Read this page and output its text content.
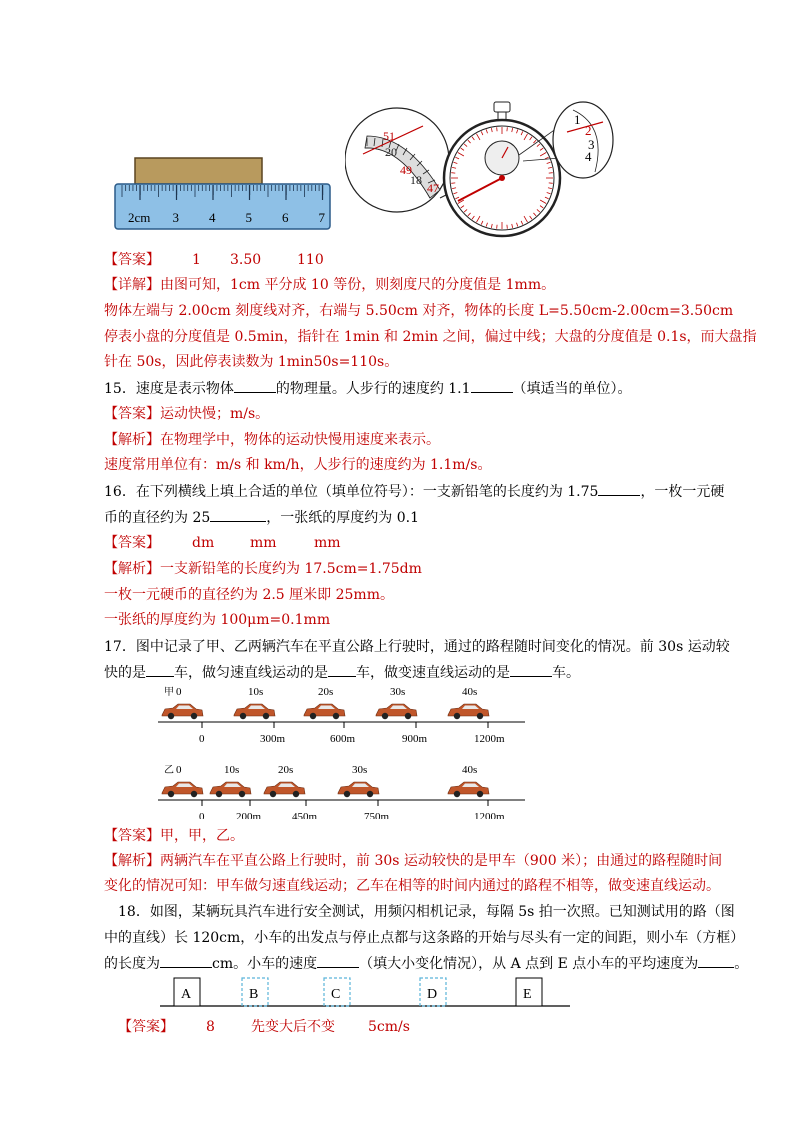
2cm 3 4 5 6 7
51
20
49
18
47
1
2
3
4
【答案】 1 3.50	110
【详解】由图可知，1cm 平分成 10 等份，则刻度尺的分度值是 1mm。
物体左端与 2.00cm 刻度线对齐，右端与 5.50cm 对齐，物体的长度 L=5.50cm-2.00cm=3.50cm
停表小盘的分度值是 0.5min，指针在 1min 和 2min 之间，偏过中线；大盘的分度值是 0.1s，而大盘指
针在 50s，因此停表读数为 1min50s=110s。
15．速度是表示物体	的物理量。人步行的速度约 1.1	（填适当的单位）。
【答案】运动快慢；m/s。
【解析】在物理学中，物体的运动快慢用速度来表示。
速度常用单位有：m/s 和 km/h，人步行的速度约为 1.1m/s。
16．在下列横线上填上合适的单位（填单位符号）：一支新铅笔的长度约为 1.75	，一枚一元硬
币的直径约为 25	，一张纸的厚度约为 0.1
【答案】 dm	mm	mm
【解析】一支新铅笔的长度约为 17.5cm=1.75dm
一枚一元硬币的直径约为 2.5 厘米即 25mm。
一张纸的厚度约为 100μm=0.1mm
17．图中记录了甲、乙两辆汽车在平直公路上行驶时，通过的路程随时间变化的情况。前 30s 运动较
快的是 车，做匀速直线运动的是 车，做变速直线运动的是	车。
甲 0	10s	20s	30s	40s
0	300m	600m	900m	1200m
乙 0	10s	20s	30s	40s
0	200m	450m	750m	1200m
【答案】甲，甲，乙。
【解析】两辆汽车在平直公路上行驶时，前 30s 运动较快的是甲车（900 米）；由通过的路程随时间
变化的情况可知：甲车做匀速直线运动；乙车在相等的时间内通过的路程不相等，做变速直线运动。
18．如图，某辆玩具汽车进行安全测试，用频闪相机记录，每隔 5s 拍一次照。已知测试用的路（图
中的直线）长 120cm，小车的出发点与停止点都与这条路的开始与尽头有一定的间距，则小车（方框）
的长度为	cm。小车的速度	（填大小变化情况），从 A 点到 E 点小车的平均速度为	。
A	B	C	D	E
【答案】 8	先变大后不变 5cm/s
